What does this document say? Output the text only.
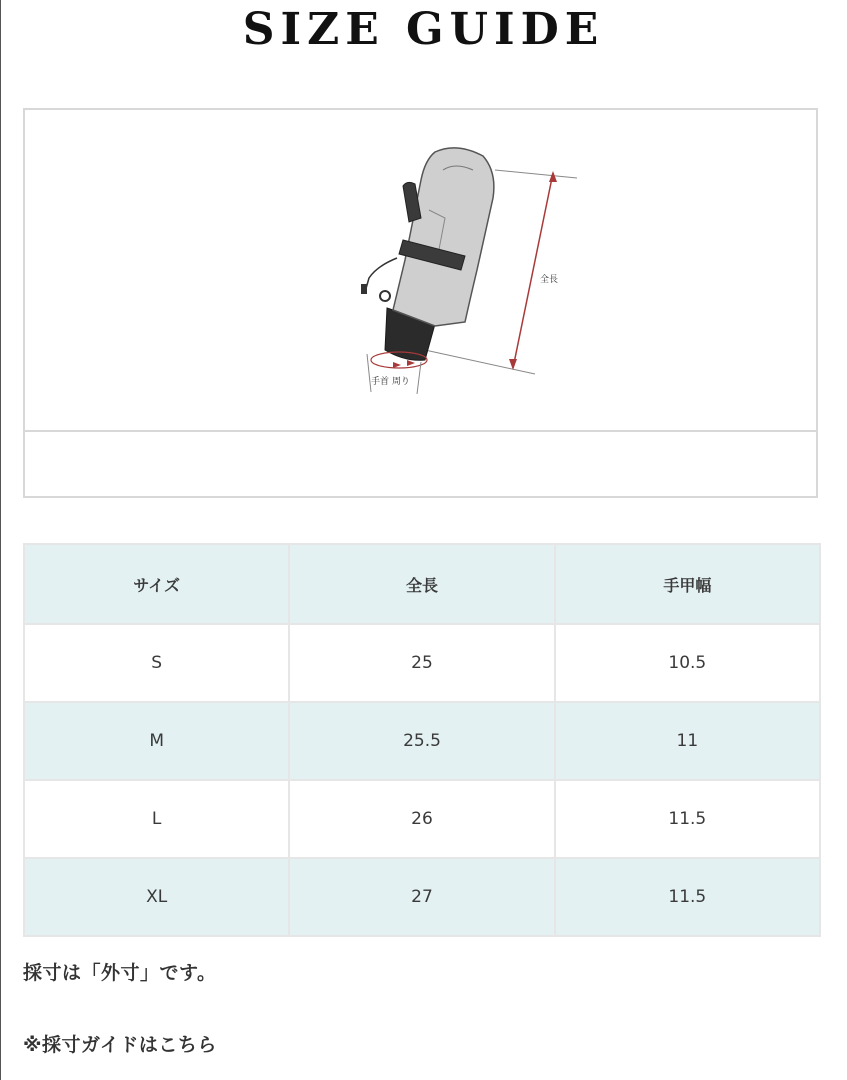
SIZE GUIDE
全長
手首 周り
サイズ	全長	手甲幅
S	25	10.5
M	25.5	11
L	26	11.5
XL	27	11.5
採寸は「外寸」です。
※採寸ガイドはこちら
